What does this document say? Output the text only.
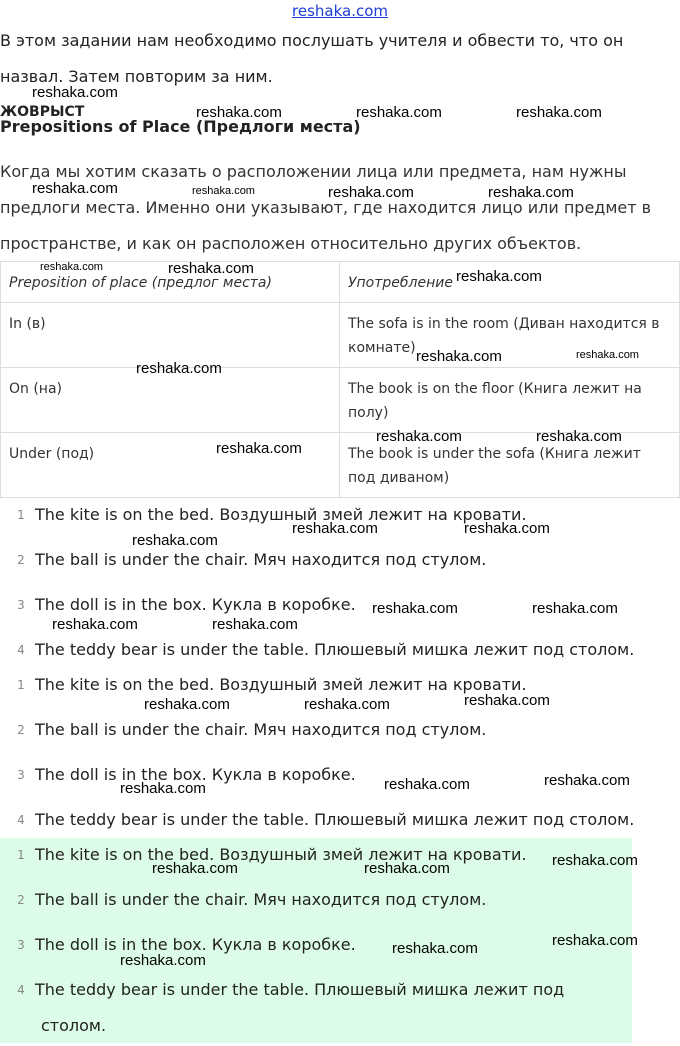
reshaka.com
В этом задании нам необходимо послушать учителя и обвести то, что он
назвал. Затем повторим за ним.
ЖОВРЫСТ
Prepositions of Place (Предлоги места)
Когда мы хотим сказать о расположении лица или предмета, нам нужны
предлоги места. Именно они указывают, где находится лицо или предмет в
пространстве, и как он расположен относительно других объектов.
Preposition of place (предлог места)	Употребление
In (в)	The sofa is in the room (Диван находится в комнате)
On (на)	The book is on the floor (Книга лежит на полу)
Under (под)	The book is under the sofa (Книга лежит под диваном)
1 The kite is on the bed. Воздушный змей лежит на кровати.
2 The ball is under the chair. Мяч находится под стулом.
3 The doll is in the box. Кукла в коробке.
4 The teddy bear is under the table. Плюшевый мишка лежит под столом.
1 The kite is on the bed. Воздушный змей лежит на кровати.
2 The ball is under the chair. Мяч находится под стулом.
3 The doll is in the box. Кукла в коробке.
4 The teddy bear is under the table. Плюшевый мишка лежит под столом.
1 The kite is on the bed. Воздушный змей лежит на кровати.
2 The ball is under the chair. Мяч находится под стулом.
3 The doll is in the box. Кукла в коробке.
4 The teddy bear is under the table. Плюшевый мишка лежит под
столом.
reshaka.com
reshaka.com	reshaka.com	reshaka.com
reshaka.com	reshaka.com	reshaka.com	reshaka.com
reshaka.com	reshaka.com	reshaka.com
reshaka.com	reshaka.com
reshaka.com
reshaka.com
reshaka.com	reshaka.com
reshaka.com	reshaka.com
reshaka.com
reshaka.com	reshaka.com
reshaka.com	reshaka.com
reshaka.com	reshaka.com	reshaka.com
reshaka.com	reshaka.com	reshaka.com
reshaka.com	reshaka.com	reshaka.com
reshaka.com	reshaka.com
reshaka.com
